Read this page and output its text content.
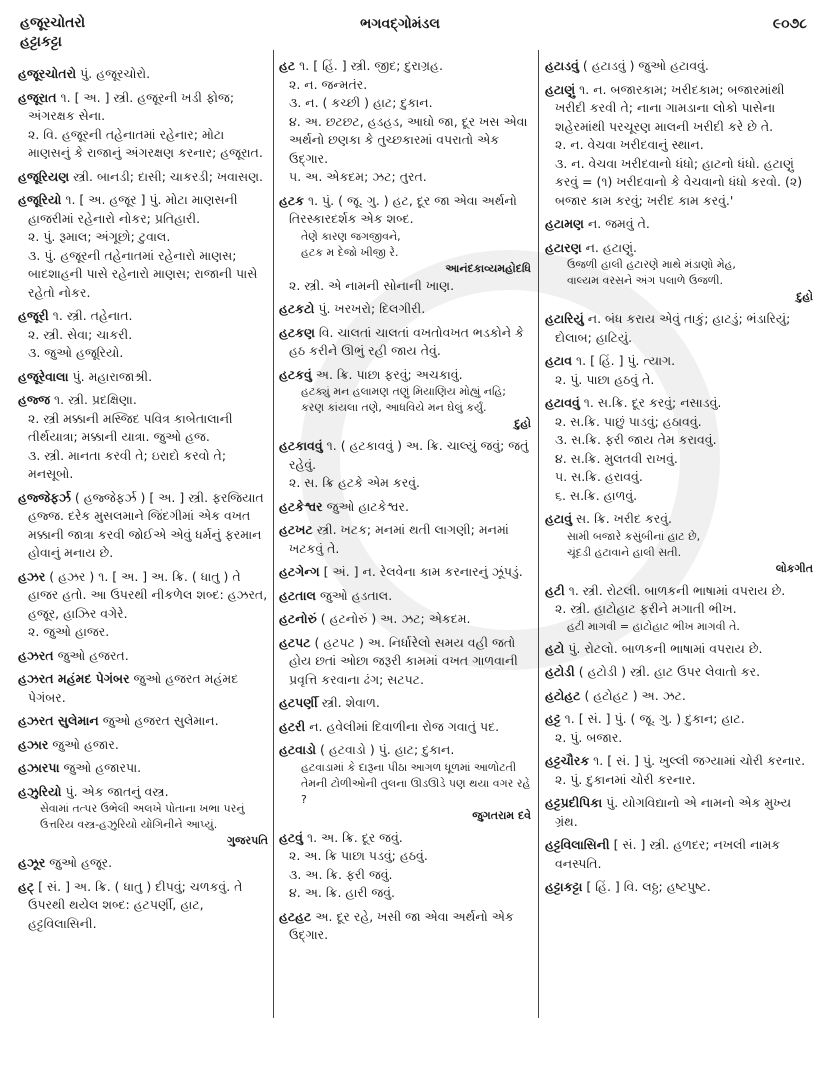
હજૂરચોતરો
હટ્ટાકટ્ટા
ભગવદ્ગોમંડલ	૯૦૭૮

હજૂરચોતરો પું. હજૂરચોરો.

હજૂરાત ૧. [ અ. ] સ્ત્રી. હજૂરની ખડી ફોજ; અંગરક્ષક સેના.

૨. વિ. હજૂરની તહેનાતમાં રહેનાર; મોટા માણસનું કે રાજાનું અંગરક્ષણ કરનાર; હજૂરાત.

હજૂરિયણ સ્ત્રી. બાનડી; દાસી; ચાકરડી; ખવાસણ.

હજૂરિયો ૧. [ અ. હજૂર ] પું. મોટા માણસની હાજરીમાં રહેનારો નોકર; પ્રતિહારી.

૨. પું. રૂમાલ; અંગૂછો; ટુવાલ.

૩. પું. હજૂરની તહેનાતમાં રહેનારો માણસ; બાદશાહની પાસે રહેનારો માણસ; રાજાની પાસે રહેતો નોકર.

હજૂરી ૧. સ્ત્રી. તહેનાત.

૨. સ્ત્રી. સેવા; ચાકરી.

૩. જુઓ હજૂરિયો.

હજૂરેવાલા પું. મહારાજાશ્રી.

હજ્જ ૧. સ્ત્રી. પ્રદક્ષિણા.

૨. સ્ત્રી મક્કાની મસ્જિદ પવિત્ર કાબેતાલાની તીર્થયાત્રા; મક્કાની યાત્રા. જુઓ હજ.

૩. સ્ત્રી. માનતા કરવી તે; ઇરાદો કરવો તે; મનસૂબો.

હજ્જેફર્ઝ ( હજ્જેફર્ઝ ) [ અ. ] સ્ત્રી. ફરજિયાત હજ્જ. દરેક મુસલમાને જિંદગીમાં એક વખત મક્કાની જાત્રા કરવી જોઈએ એવું ધર્મનું ફરમાન હોવાનું મનાય છે.

હઝર ( હઝર ) ૧. [ અ. ] અ. ક્રિ. ( ધાતુ ) તે હાજર હતો. આ ઉપરથી નીકળેલ શબ્દ: હઝરત, હજૂર, હાઝિર વગેરે.

૨. જુઓ હાજર.

હઝરત જુઓ હજરત.

હઝરત મહંમદ પેગંબર જુઓ હજરત મહંમદ પેગંબર.

હઝરત સુલેમાન જુઓ હજરત સુલેમાન.

હઝાર જુઓ હજાર.

હઝારપા જુઓ હજારપા.

હઝુરિયો પું. એક જાતનું વસ્ત્ર.

સેવામાં તત્પર ઉભેલી અલખે પોતાના ખભા પરનું ઉત્તરિય વસ્ત્ર-હઝુરિયો યોગિનીને આપ્યું.

ગુજરપતિ

હઝૂર જુઓ હજૂર.

હટ્ [ સં. ] અ. ક્રિ. ( ધાતુ ) દીપવું; ચળકવું. તે ઉપરથી થયેલ શબ્દ: હટપર્ણી, હાટ, હટ્ટવિલાસિની.

હટ ૧. [ હિં. ] સ્ત્રી. જીદ; દુરાગ્રહ.

૨. ન. જન્મતંર.

૩. ન. ( કચ્છી ) હાટ; દુકાન.

૪. અ. છટછટ, હડહડ, આઘો જા, દૂર ખસ એવા અર્થનો છણકા કે તુચ્છકારમાં વપરાતો એક ઉદ્ગાર.

૫. અ. એકદમ; ઝટ; તુરત.

હટક ૧. પું. ( જૂ. ગુ. ) હટ, દૂર જા એવા અર્થનો તિરસ્કારદર્શક એક શબ્દ.

તેણે કારણ જગજીવને,

હટક મ દેજો ખીજી રે.

આનંદકાવ્યમહોદધિ

૨. સ્ત્રી. એ નામની સોનાની ખાણ.

હટકટો પું. ખરખરો; દિલગીરી.

હટકણ વિ. ચાલતાં ચાલતાં વખતોવખત ભડકોને કે હઠ કરીને ઊભું રહી જાય તેવું.

હટકવું અ. ક્રિ. પાછા ફરવું; અચકાવું.

હટક્યું મન હલામણ તણું મિયાણિય મોહ્યું નહિ;

કરણ કાંયલા તણે, આધવિયે મન ઘેલું કર્યું.

દુહો

હટકાવવું ૧. ( હટકાવવું ) અ. ક્રિ. ચાલ્યું જવું; જતું રહેવું.

૨. સ. ક્રિ હટકે એમ કરવું.

હટકેશ્વર જુઓ હાટકેશ્વર.

હટખટ સ્ત્રી. ખટક; મનમાં થતી લાગણી; મનમાં ખટકવું તે.

હટગેન્ગ [ અં. ] ન. રેલવેના કામ કરનારનું ઝૂંપડું.

હટતાલ જુઓ હડતાલ.

હટનોરું ( હટનોરું ) અ. ઝટ; એકદમ.

હટપટ ( હટપટ ) અ. નિર્ધારેલો સમય વહી જતો હોય છતાં ઓછા જરૂરી કામમાં વખત ગાળવાની પ્રવૃત્તિ કરવાના ઢંગ; સટપટ.

હટપર્ણી સ્ત્રી. શેવાળ.

હટરી ન. હવેલીમાં દિવાળીના રોજ ગવાતું પદ.

હટવાડો ( હટવાડો ) પું. હાટ; દુકાન.

હટવાડામાં કે દારૂના પીઠા આગળ ધૂળમાં આળોટતી તેમની ટોળીઓની તુલના ઊડઊડે પણ થયા વગર રહે ?

જુગતરામ દવે

હટવું ૧. અ. ક્રિ. દૂર જવું.

૨. અ. ક્રિ પાછા પડવું; હઠવું.

૩. અ. ક્રિ. ફરી જવું.

૪. અ. ક્રિ. હારી જવું.

હટહટ અ. દૂર રહે, ખસી જા એવા અર્થનો એક ઉદ્ગાર.

હટાડવું ( હટાડવું ) જુઓ હટાવવું.

હટાણું ૧. ન. બજારકામ; ખરીદકામ; બજારમાંથી ખરીદી કરવી તે; નાના ગામડાના લોકો પાસેના શહેરમાંથી પરચૂરણ માલની ખરીદી કરે છે તે.

૨. ન. વેચવા ખરીદવાનું સ્થાન.

૩. ન. વેચવા ખરીદવાનો ધંધો; હાટનો ધંધો. હટાણું કરવું = (૧) ખરીદવાનો કે વેચવાનો ધંધો કરવો. (૨) બજાર કામ કરવું; ખરીદ કામ કરવું.'

હટામણ ન. જમવું તે.

હટારણ ન. હટાણું.

ઉજળી હાલી હટારણે માથે મંડાણો મેહ,

વાલ્યમ વરસને અંગ પલાળે ઉજળી.

દુહો

હટારિયું ન. બંધ કરાય એવું તાકું; હાટડું; ભંડારિયું; દોલાબ; હાટિયું.

હટાવ ૧. [ હિં. ] પું. ત્યાગ.

૨. પું. પાછા હઠવું તે.

હટાવવું ૧. સ.ક્રિ. દૂર કરવું; નસાડવું.

૨. સ.ક્રિ. પાછું પાડવું; હઠાવવું.

૩. સ.ક્રિ. ફરી જાય તેમ કરાવવું.

૪. સ.ક્રિ. મુલતવી રાખવું.

૫. સ.ક્રિ. હરાવવું.

૬. સ.ક્રિ. હાળવું.

હટાવું સ. ક્રિ. ખરીદ કરવું.

સામી બજારે કસુંબીનાં હાટ છે,

ચૂંદડી હટાવાને હાલી સતી.

લોકગીત

હટી ૧. સ્ત્રી. રોટલી. બાળકની ભાષામાં વપરાય છે.

૨. સ્ત્રી. હાટોહાટ ફરીને મગાતી ભીખ.

હટી માગવી = હાટોહાટ ભીખ માગવી તે.

હટો પું. રોટલો. બાળકની ભાષામાં વપરાય છે.

હટોડી ( હટોડી ) સ્ત્રી. હાટ ઉપર લેવાતો કર.

હટોહટ ( હટોહટ ) અ. ઝટ.

હટ્ટ ૧. [ સં. ] પું. ( જૂ. ગુ. ) દુકાન; હાટ.

૨. પું. બજાર.

હટ્ટચૌરક ૧. [ સં. ] પું. ખુલ્લી જગ્યામાં ચોરી કરનાર.

૨. પું. દુકાનમાં ચોરી કરનાર.

હટ્ટપ્રદીપિકા પું. યોગવિદ્યાનો એ નામનો એક મુખ્ય ગ્રંથ.

હટ્ટવિલાસિની [ સં. ] સ્ત્રી. હળદર; નખલી નામક વનસ્પતિ.

હટ્ટાકટ્ટા [ હિં. ] વિ. લઠ્ઠ; હષ્ટપુષ્ટ.
